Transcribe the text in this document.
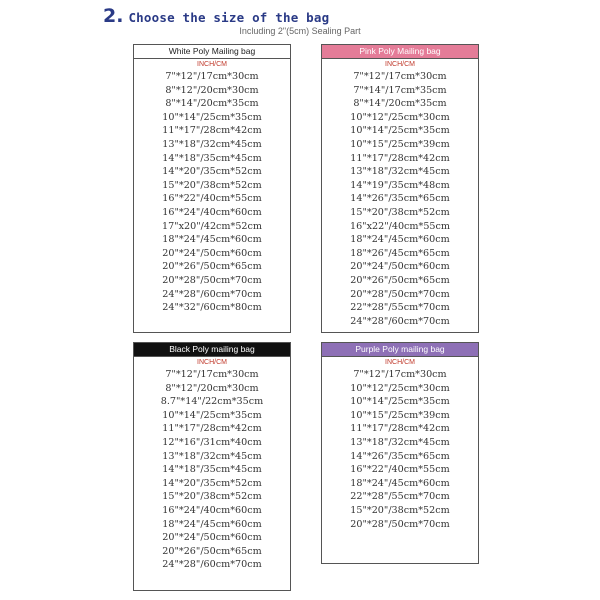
2. Choose the size of the bag
Including 2"(5cm) Sealing Part
White Poly Mailing bag
INCH/CM
7"*12"/17cm*30cm
8"*12"/20cm*30cm
8"*14"/20cm*35cm
10"*14"/25cm*35cm
11"*17"/28cm*42cm
13"*18"/32cm*45cm
14"*18"/35cm*45cm
14"*20"/35cm*52cm
15"*20"/38cm*52cm
16"*22"/40cm*55cm
16"*24"/40cm*60cm
17"x20"/42cm*52cm
18"*24"/45cm*60cm
20"*24"/50cm*60cm
20"*26"/50cm*65cm
20"*28"/50cm*70cm
24"*28"/60cm*70cm
24"*32"/60cm*80cm
Pink Poly Mailing bag
INCH/CM
7"*12"/17cm*30cm
7"*14"/17cm*35cm
8"*14"/20cm*35cm
10"*12"/25cm*30cm
10"*14"/25cm*35cm
10"*15"/25cm*39cm
11"*17"/28cm*42cm
13"*18"/32cm*45cm
14"*19"/35cm*48cm
14"*26"/35cm*65cm
15"*20"/38cm*52cm
16"x22"/40cm*55cm
18"*24"/45cm*60cm
18"*26"/45cm*65cm
20"*24"/50cm*60cm
20"*26"/50cm*65cm
20"*28"/50cm*70cm
22"*28"/55cm*70cm
24"*28"/60cm*70cm
Black Poly mailing bag
INCH/CM
7"*12"/17cm*30cm
8"*12"/20cm*30cm
8.7"*14"/22cm*35cm
10"*14"/25cm*35cm
11"*17"/28cm*42cm
12"*16"/31cm*40cm
13"*18"/32cm*45cm
14"*18"/35cm*45cm
14"*20"/35cm*52cm
15"*20"/38cm*52cm
16"*24"/40cm*60cm
18"*24"/45cm*60cm
20"*24"/50cm*60cm
20"*26"/50cm*65cm
24"*28"/60cm*70cm
Purple Poly mailing bag
INCH/CM
7"*12"/17cm*30cm
10"*12"/25cm*30cm
10"*14"/25cm*35cm
10"*15"/25cm*39cm
11"*17"/28cm*42cm
13"*18"/32cm*45cm
14"*26"/35cm*65cm
16"*22"/40cm*55cm
18"*24"/45cm*60cm
22"*28"/55cm*70cm
15"*20"/38cm*52cm
20"*28"/50cm*70cm
